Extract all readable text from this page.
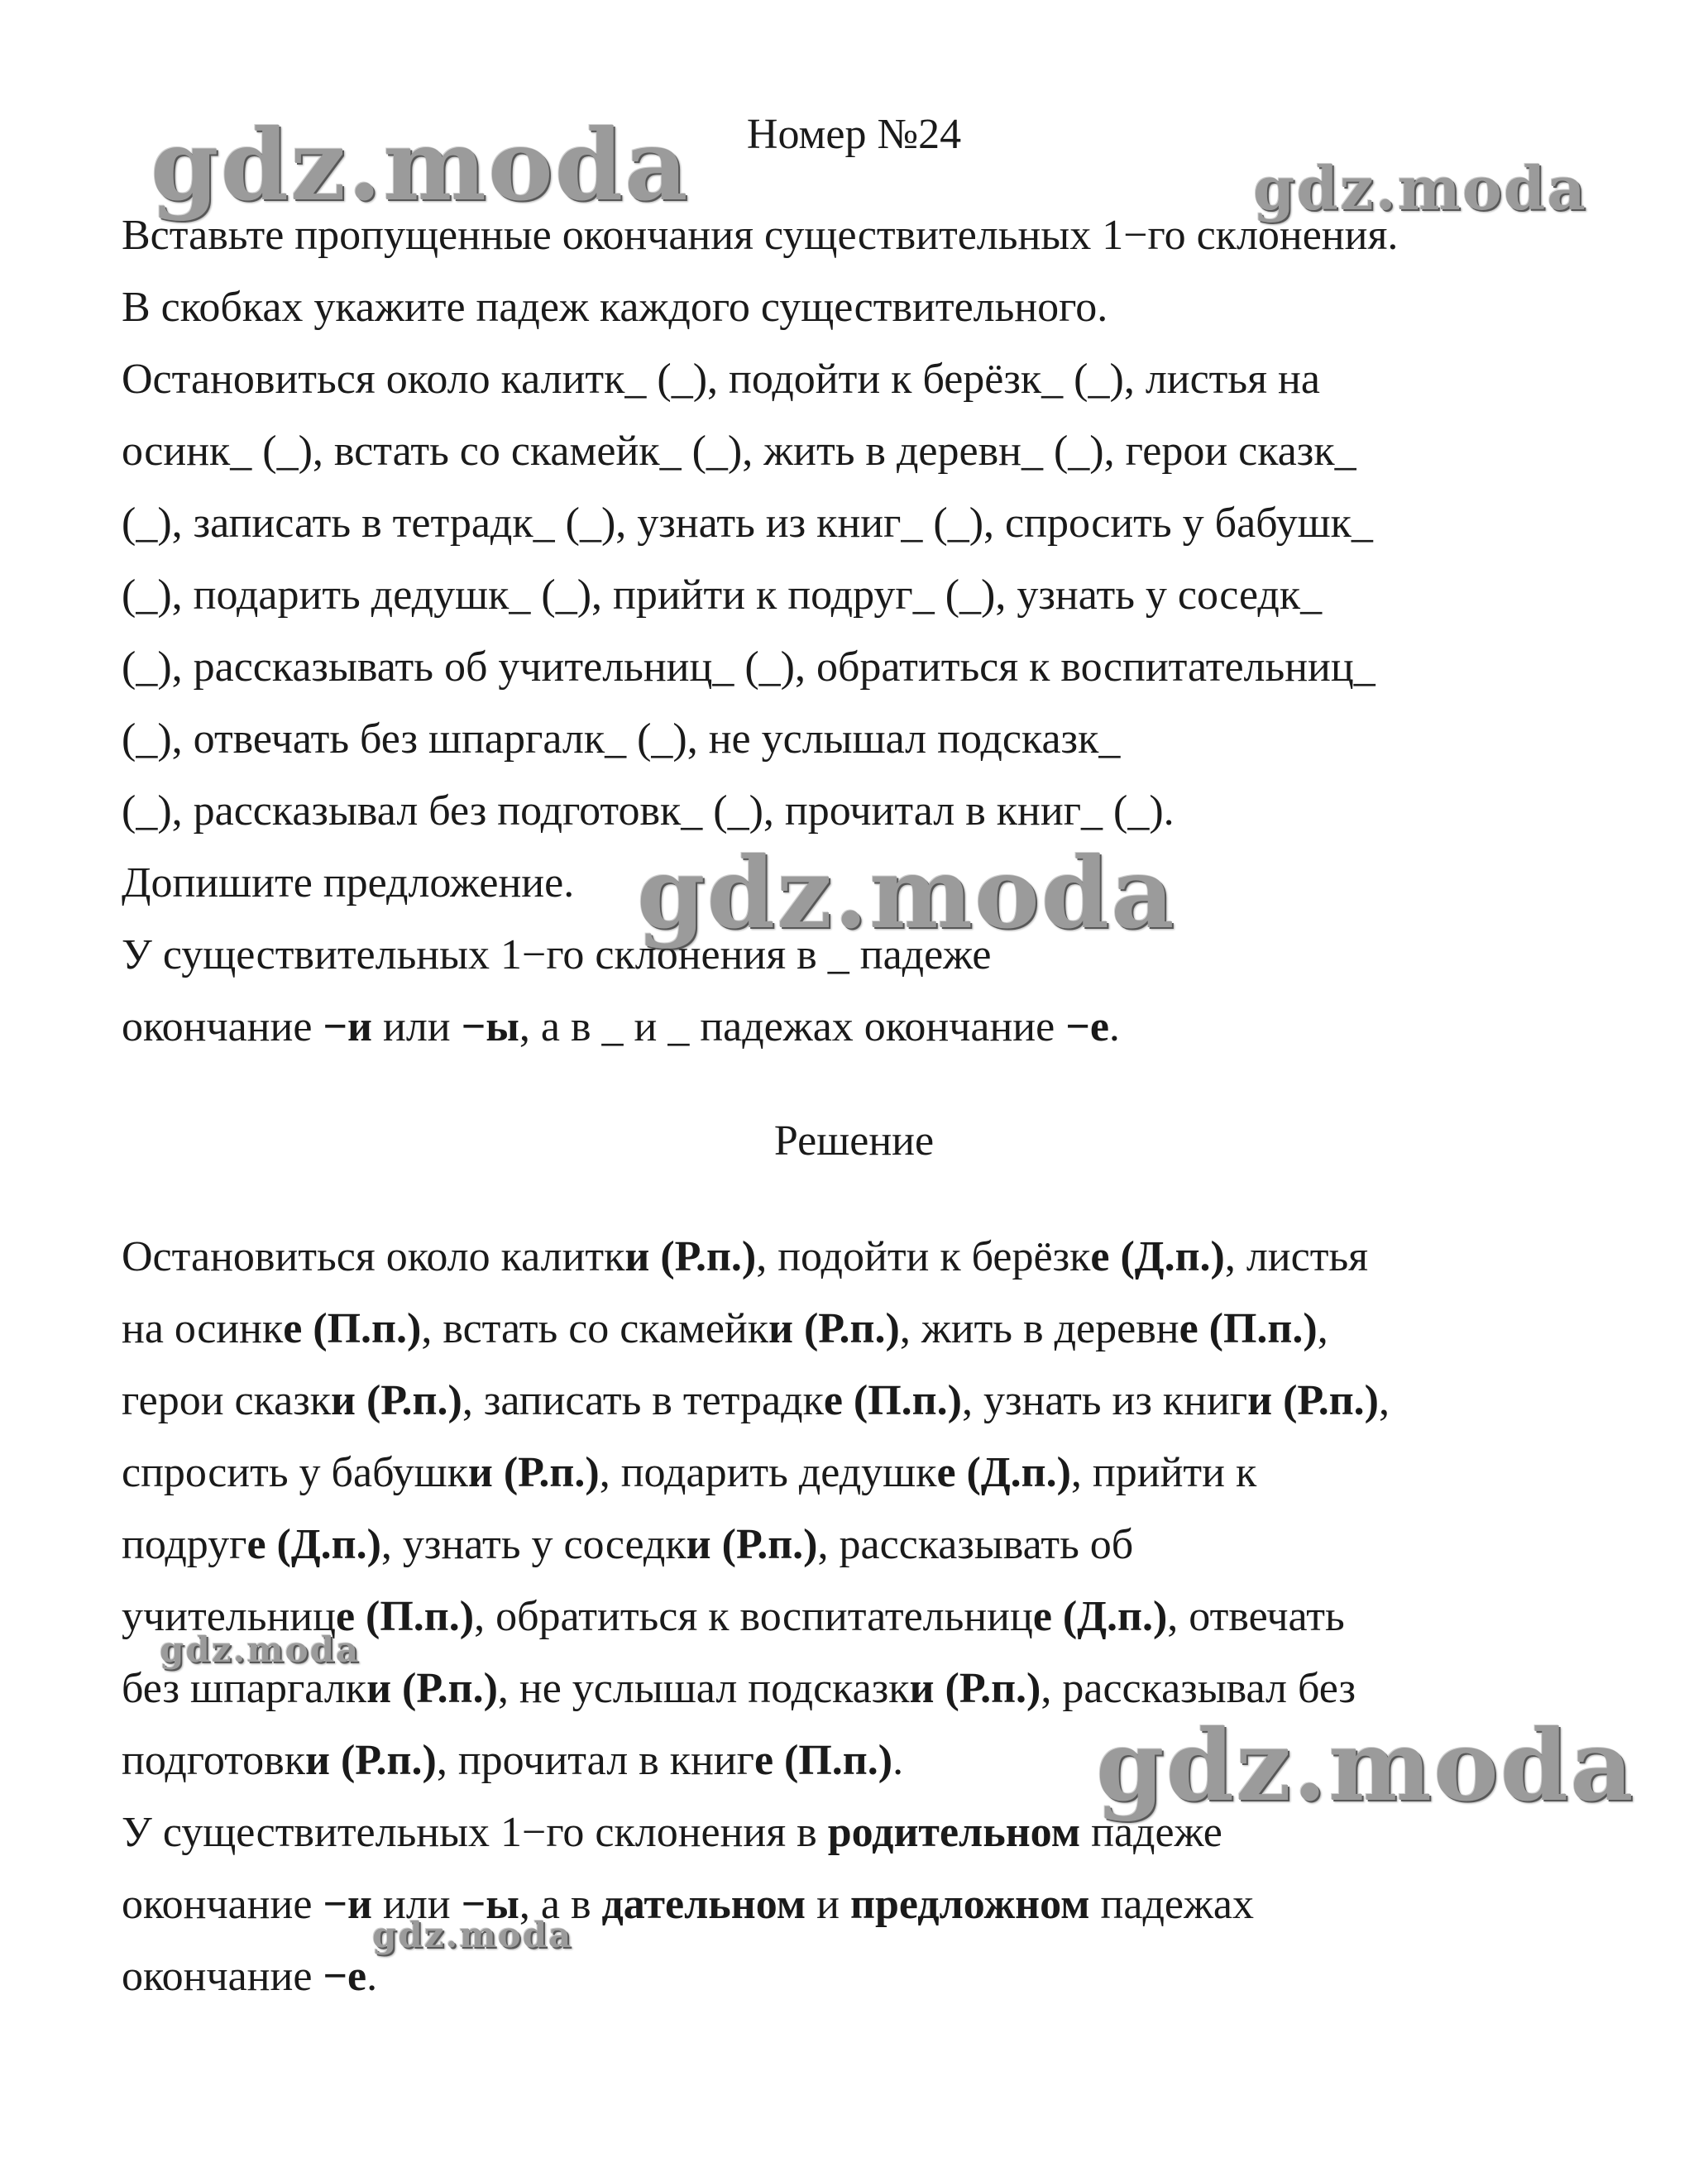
Номер №24
Вставьте пропущенные окончания существительных 1−го склонения.
В скобках укажите падеж каждого существительного.
Остановиться около калитк_ (_), подойти к берёзк_ (_), листья на
осинк_ (_), встать со скамейк_ (_), жить в деревн_ (_), герои сказк_
(_), записать в тетрадк_ (_), узнать из книг_ (_), спросить у бабушк_
(_), подарить дедушк_ (_), прийти к подруг_ (_), узнать у соседк_
(_), рассказывать об учительниц_ (_), обратиться к воспитательниц_
(_), отвечать без шпаргалк_ (_), не услышал подсказк_
(_), рассказывал без подготовк_ (_), прочитал в книг_ (_).
Допишите предложение.
У существительных 1−го склонения в _ падеже
окончание −и или −ы, а в _ и _ падежах окончание −е.
Решение
Остановиться около калитки (Р.п.), подойти к берёзке (Д.п.), листья
на осинке (П.п.), встать со скамейки (Р.п.), жить в деревне (П.п.),
герои сказки (Р.п.), записать в тетрадке (П.п.), узнать из книги (Р.п.),
спросить у бабушки (Р.п.), подарить дедушке (Д.п.), прийти к
подруге (Д.п.), узнать у соседки (Р.п.), рассказывать об
учительнице (П.п.), обратиться к воспитательнице (Д.п.), отвечать
без шпаргалки (Р.п.), не услышал подсказки (Р.п.), рассказывал без
подготовки (Р.п.), прочитал в книге (П.п.).
У существительных 1−го склонения в родительном падеже
окончание −и или −ы, а в дательном и предложном падежах
окончание −е.
gdz.moda	gdz.moda
gdz.moda
gdz.moda
gdz.moda
gdz.moda
